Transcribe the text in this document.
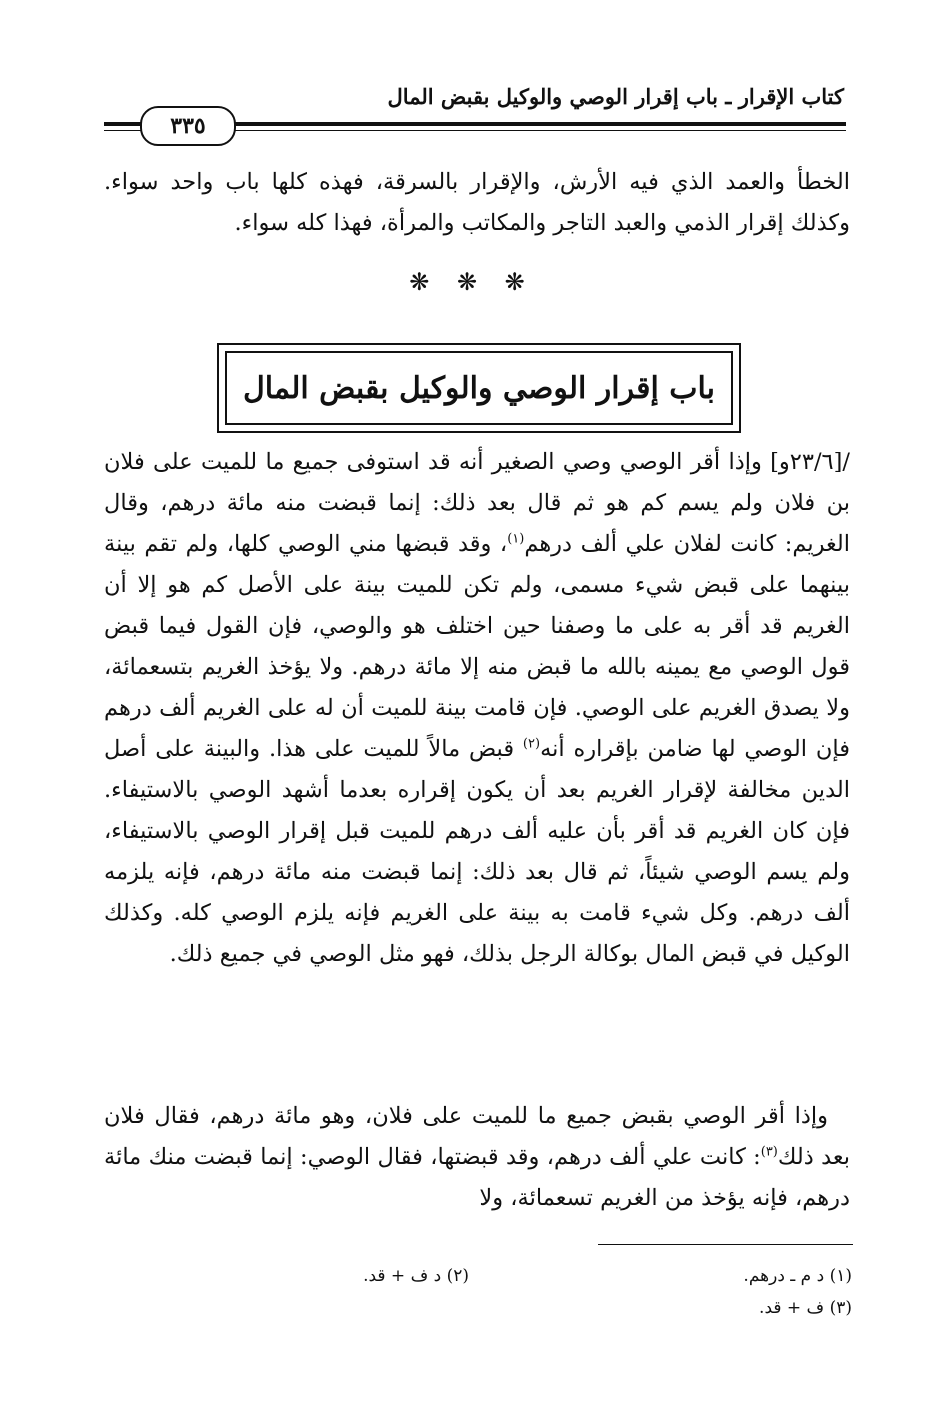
كتاب الإقرار ـ باب إقرار الوصي والوكيل بقبض المال
٣٣٥
الخطأ والعمد الذي فيه الأرش، والإقرار بالسرقة، فهذه كلها باب واحد سواء. وكذلك إقرار الذمي والعبد التاجر والمكاتب والمرأة، فهذا كله سواء.
❋ ❋ ❋
باب إقرار الوصي والوكيل بقبض المال
/[٢٣/٦و] وإذا أقر الوصي وصي الصغير أنه قد استوفى جميع ما للميت على فلان بن فلان ولم يسم كم هو ثم قال بعد ذلك: إنما قبضت منه مائة درهم، وقال الغريم: كانت لفلان علي ألف درهم$^{(١)}$، وقد قبضها مني الوصي كلها، ولم تقم بينة بينهما على قبض شيء مسمى، ولم تكن للميت بينة على الأصل كم هو إلا أن الغريم قد أقر به على ما وصفنا حين اختلف هو والوصي، فإن القول فيما قبض قول الوصي مع يمينه بالله ما قبض منه إلا مائة درهم. ولا يؤخذ الغريم بتسعمائة، ولا يصدق الغريم على الوصي. فإن قامت بينة للميت أن له على الغريم ألف درهم فإن الوصي لها ضامن بإقراره أنه$^{(٢)}$ قبض مالاً للميت على هذا. والبينة على أصل الدين مخالفة لإقرار الغريم بعد أن يكون إقراره بعدما أشهد الوصي بالاستيفاء. فإن كان الغريم قد أقر بأن عليه ألف درهم للميت قبل إقرار الوصي بالاستيفاء، ولم يسم الوصي شيئاً، ثم قال بعد ذلك: إنما قبضت منه مائة درهم، فإنه يلزمه ألف درهم. وكل شيء قامت به بينة على الغريم فإنه يلزم الوصي كله. وكذلك الوكيل في قبض المال بوكالة الرجل بذلك، فهو مثل الوصي في جميع ذلك.
وإذا أقر الوصي بقبض جميع ما للميت على فلان، وهو مائة درهم، فقال فلان بعد ذلك$^{(٣)}$: كانت علي ألف درهم، وقد قبضتها، فقال الوصي: إنما قبضت منك مائة درهم، فإنه يؤخذ من الغريم تسعمائة، ولا
(١) د م ـ درهم.
(٢) د ف + قد.
(٣) ف + قد.
